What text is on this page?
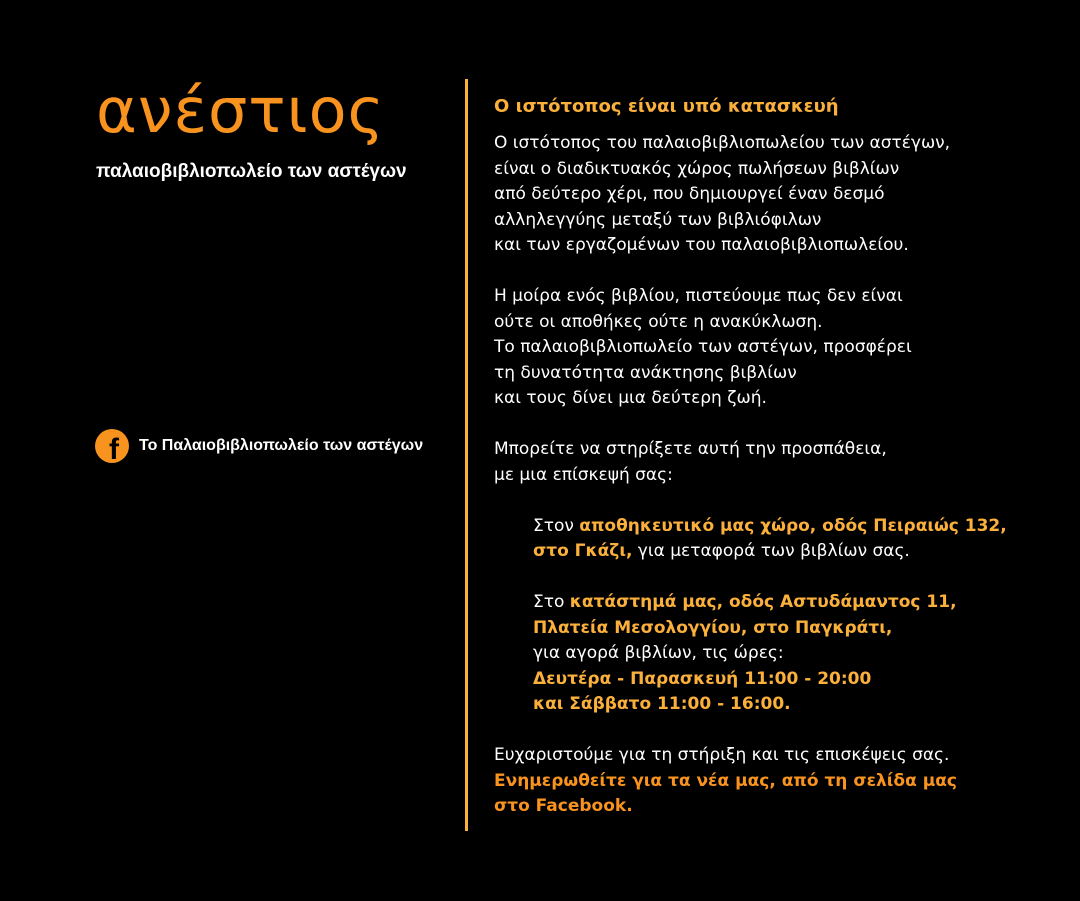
ανέστιος
παλαιοβιβλιοπωλείο των αστέγων
f Το Παλαιοβιβλιοπωλείο των αστέγων
Ο ιστότοπος είναι υπό κατασκευή
Ο ιστότοπος του παλαιοβιβλιοπωλείου των αστέγων,
είναι ο διαδικτυακός χώρος πωλήσεων βιβλίων
από δεύτερο χέρι, που δημιουργεί έναν δεσμό
αλληλεγγύης μεταξύ των βιβλιόφιλων
και των εργαζομένων του παλαιοβιβλιοπωλείου.
Η μοίρα ενός βιβλίου, πιστεύουμε πως δεν είναι
ούτε οι αποθήκες ούτε η ανακύκλωση.
Το παλαιοβιβλιοπωλείο των αστέγων, προσφέρει
τη δυνατότητα ανάκτησης βιβλίων
και τους δίνει μια δεύτερη ζωή.
Μπορείτε να στηρίξετε αυτή την προσπάθεια,
με μια επίσκεψή σας:
Στον αποθηκευτικό μας χώρο, οδός Πειραιώς 132,
στο Γκάζι, για μεταφορά των βιβλίων σας.
Στο κατάστημά μας, οδός Αστυδάμαντος 11,
Πλατεία Μεσολογγίου, στο Παγκράτι,
για αγορά βιβλίων, τις ώρες:
Δευτέρα - Παρασκευή 11:00 - 20:00
και Σάββατο 11:00 - 16:00.
Ευχαριστούμε για τη στήριξη και τις επισκέψεις σας.
Ενημερωθείτε για τα νέα μας, από τη σελίδα μας
στο Facebook.
